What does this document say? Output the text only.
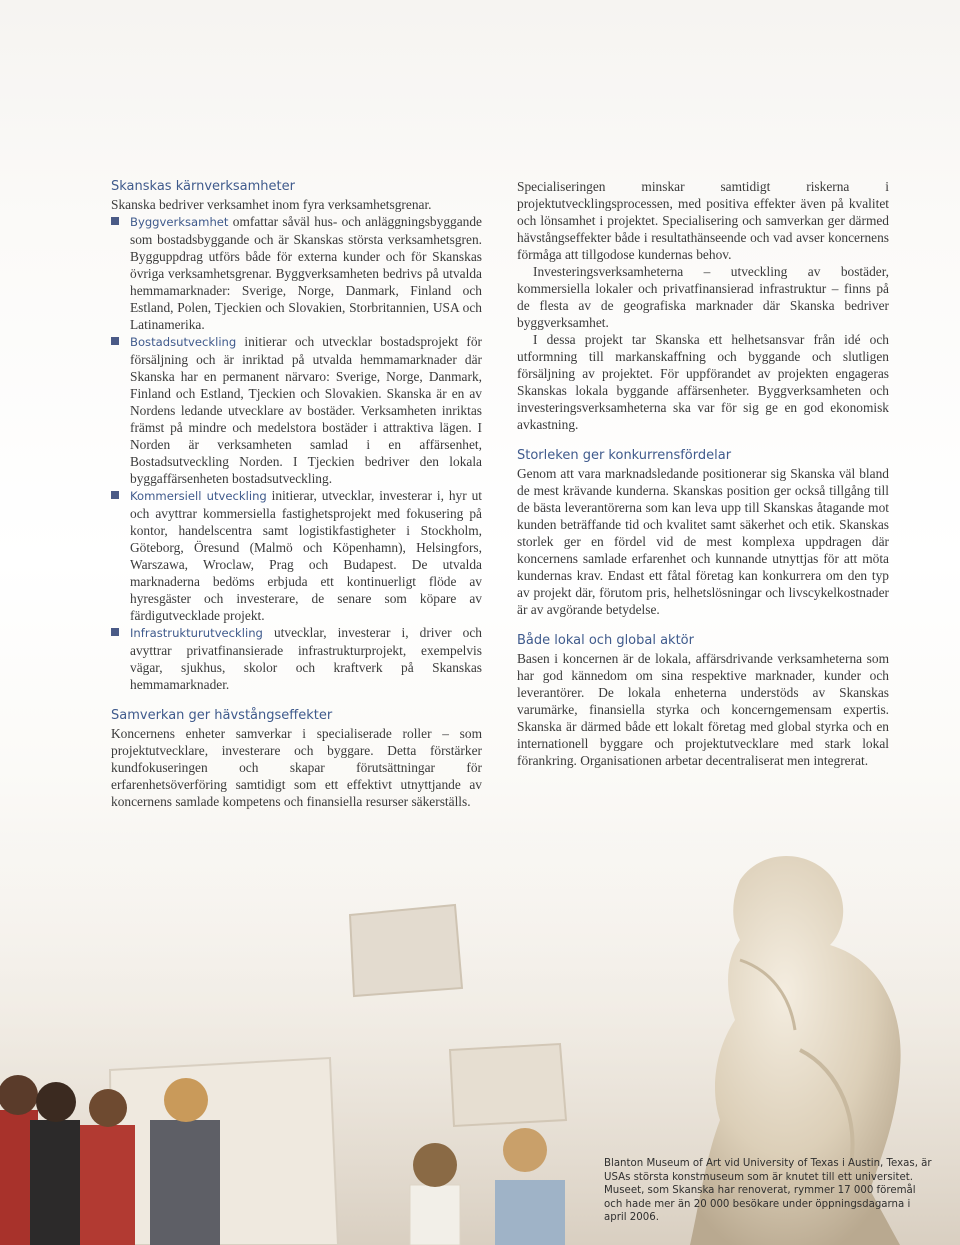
Skanskas kärnverksamheter

Skanska bedriver verksamhet inom fyra verksamhetsgrenar.

Byggverksamhet omfattar såväl hus- och anläggningsbyggande som bostadsbyggande och är Skanskas största verksamhetsgren. Bygguppdrag utförs både för externa kunder och för Skanskas övriga verksamhetsgrenar. Byggverksamheten bedrivs på utvalda hemmamarknader: Sverige, Norge, Danmark, Finland och Estland, Polen, Tjeckien och Slovakien, Storbritannien, USA och Latinamerika.
Bostadsutveckling initierar och utvecklar bostadsprojekt för försäljning och är inriktad på utvalda hemmamarknader där Skanska har en permanent närvaro: Sverige, Norge, Danmark, Finland och Estland, Tjeckien och Slovakien. Skanska är en av Nordens ledande utvecklare av bostäder. Verksamheten inriktas främst på mindre och medelstora bostäder i attraktiva lägen. I Norden är verksamheten samlad i en affärsenhet, Bostadsutveckling Norden. I Tjeckien bedriver den lokala byggaffärsenheten bostadsutveckling.
Kommersiell utveckling initierar, utvecklar, investerar i, hyr ut och avyttrar kommersiella fastighetsprojekt med fokusering på kontor, handelscentra samt logistikfastigheter i Stockholm, Göteborg, Öresund (Malmö och Köpenhamn), Helsingfors, Warszawa, Wroclaw, Prag och Budapest. De utvalda marknaderna bedöms erbjuda ett kontinuerligt flöde av hyresgäster och investerare, de senare som köpare av färdigutvecklade projekt.
Infrastrukturutveckling utvecklar, investerar i, driver och avyttrar privatfinansierade infrastrukturprojekt, exempelvis vägar, sjukhus, skolor och kraftverk på Skanskas hemmamarknader.
Samverkan ger hävstångseffekter

Koncernens enheter samverkar i specialiserade roller – som projektutvecklare, investerare och byggare. Detta förstärker kundfokuseringen och skapar förutsättningar för erfarenhetsöverföring samtidigt som ett effektivt utnyttjande av koncernens samlade kompetens och finansiella resurser säkerställs.

Specialiseringen minskar samtidigt riskerna i projektutvecklingsprocessen, med positiva effekter även på kvalitet och lönsamhet i projektet. Specialisering och samverkan ger därmed hävstångseffekter både i resultathänseende och vad avser koncernens förmåga att tillgodose kundernas behov.

Investeringsverksamheterna – utveckling av bostäder, kommersiella lokaler och privatfinansierad infrastruktur – finns på de flesta av de geografiska marknader där Skanska bedriver byggverksamhet.

I dessa projekt tar Skanska ett helhetsansvar från idé och utformning till markanskaffning och byggande och slutligen försäljning av projektet. För uppförandet av projekten engageras Skanskas lokala byggande affärsenheter. Byggverksamheten och investeringsverksamheterna ska var för sig ge en god ekonomisk avkastning.

Storleken ger konkurrensfördelar

Genom att vara marknadsledande positionerar sig Skanska väl bland de mest krävande kunderna. Skanskas position ger också tillgång till de bästa leverantörerna som kan leva upp till Skanskas åtagande mot kunden beträffande tid och kvalitet samt säkerhet och etik. Skanskas storlek ger en fördel vid de mest komplexa uppdragen där koncernens samlade erfarenhet och kunnande utnyttjas för att möta kundernas krav. Endast ett fåtal företag kan konkurrera om den typ av projekt där, förutom pris, helhetslösningar och livscykelkostnader är av avgörande betydelse.

Både lokal och global aktör

Basen i koncernen är de lokala, affärsdrivande verksamheterna som har god kännedom om sina respektive marknader, kunder och leverantörer. De lokala enheterna understöds av Skanskas varumärke, finansiella styrka och koncerngemensam expertis. Skanska är därmed både ett lokalt företag med global styrka och en internationell byggare och projektutvecklare med stark lokal förankring. Organisationen arbetar decentraliserat men integrerat.

Blanton Museum of Art vid University of Texas i Austin, Texas, är USAs största konstmuseum som är knutet till ett universitet. Museet, som Skanska har renoverat, rymmer 17 000 föremål och hade mer än 20 000 besökare under öppningsdagarna i april 2006.
